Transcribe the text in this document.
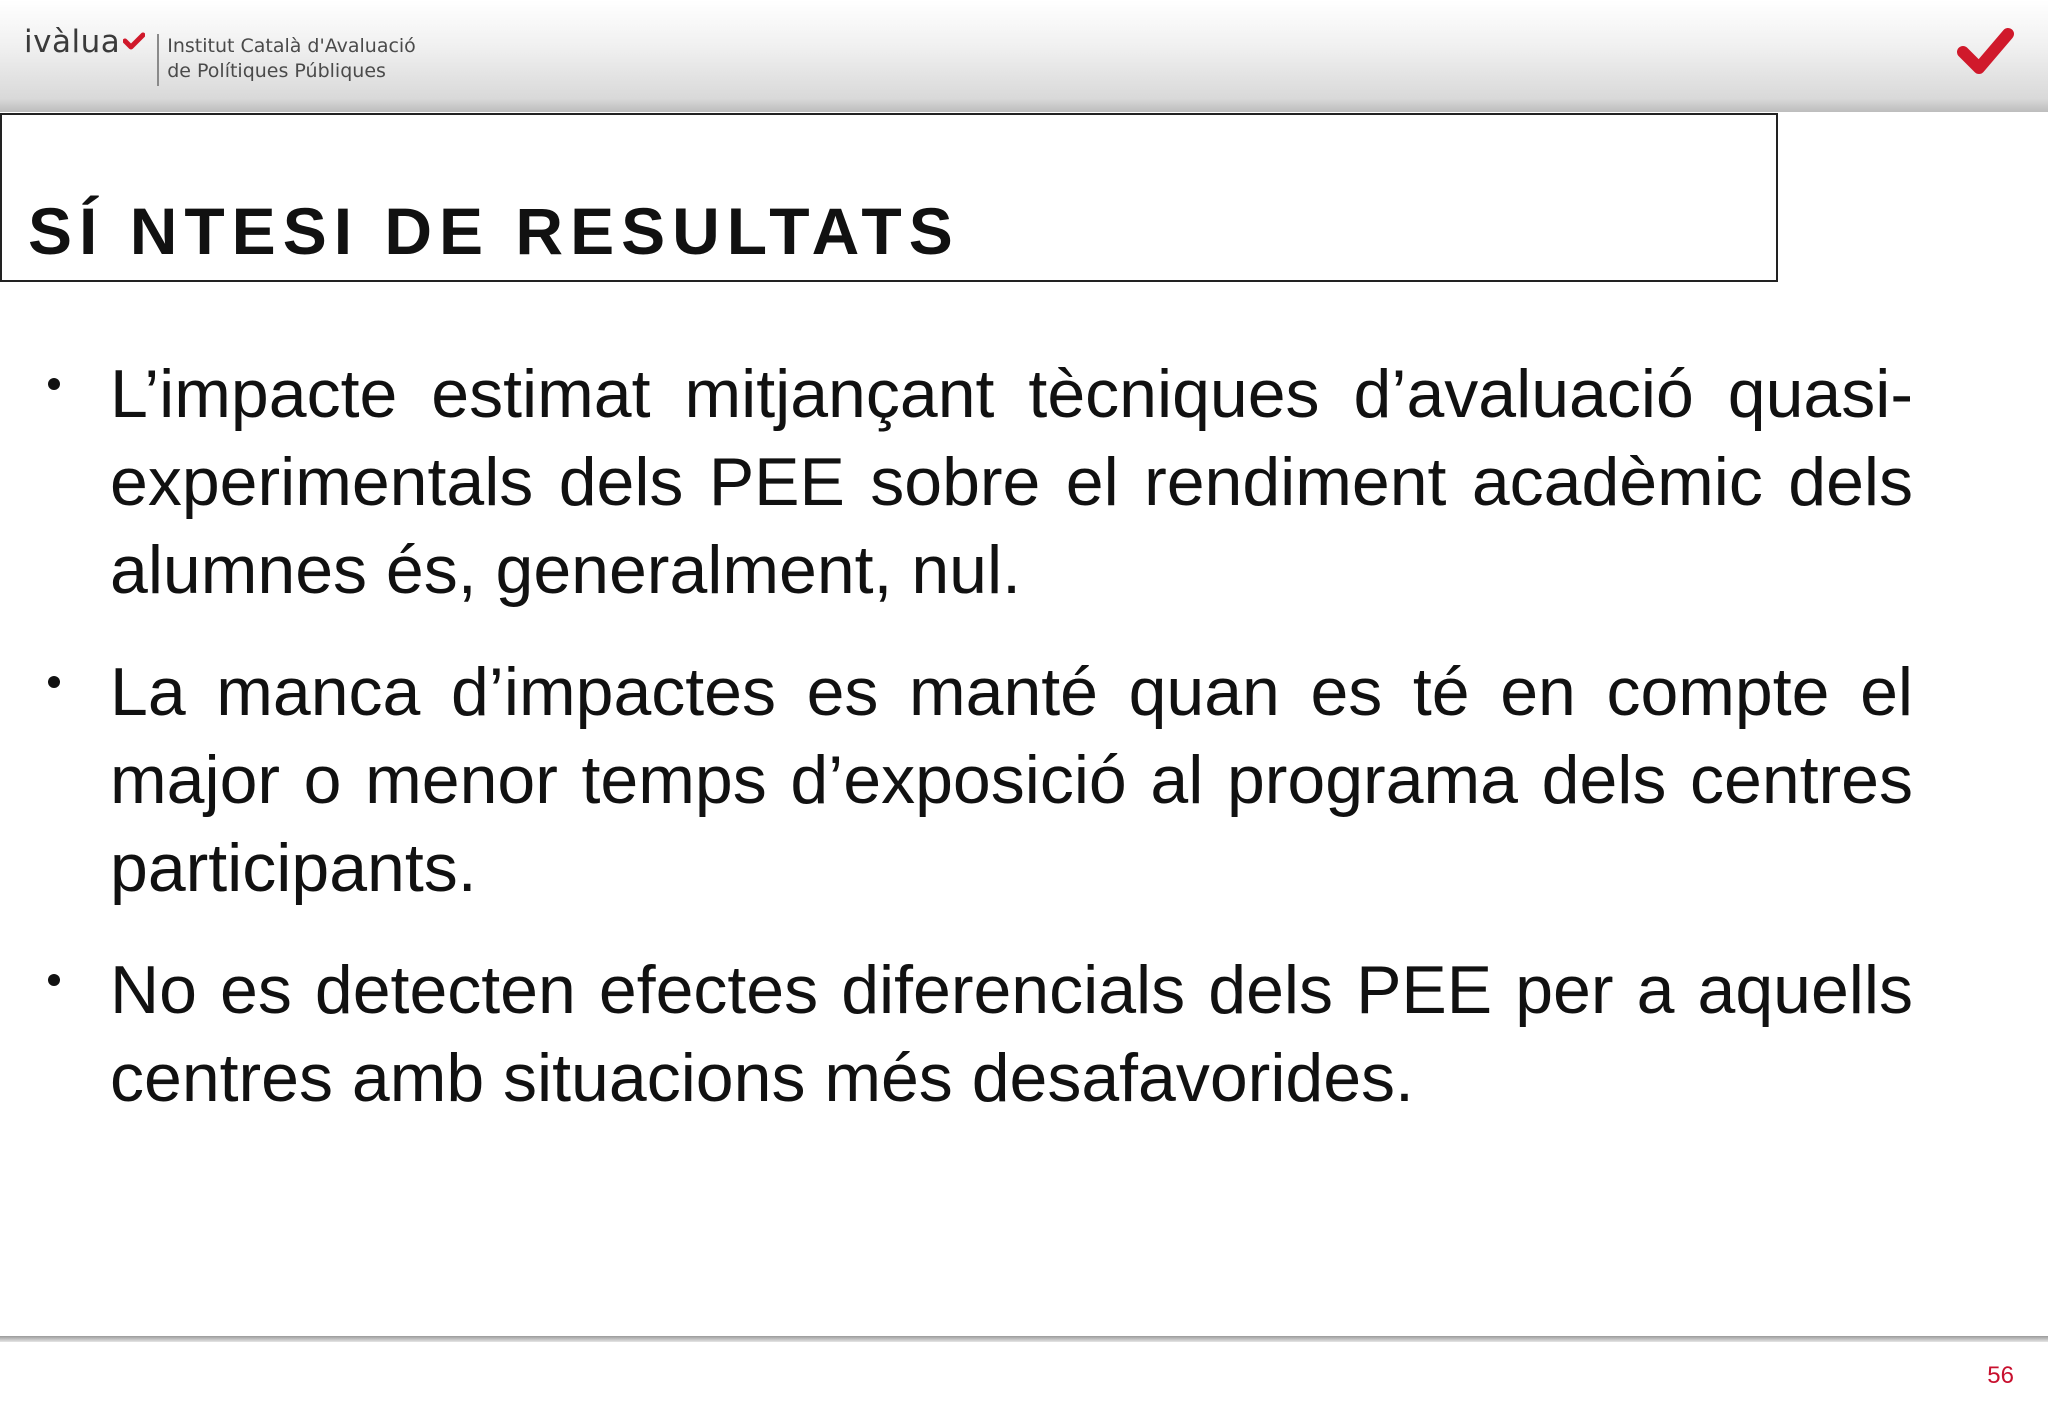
ivàlua Institut Català d'Avaluació
de Polítiques Públiques
SÍ NTESI DE RESULTATS
L’impacte estimat mitjançant tècniques d’avaluació quasi-experimentals dels PEE sobre el rendiment acadèmic dels alumnes és, generalment, nul.
La manca d’impactes es manté quan es té en compte el major o menor temps d’exposició al programa dels centres participants.
No es detecten efectes diferencials dels PEE per a aquells centres amb situacions més desafavorides.
56
